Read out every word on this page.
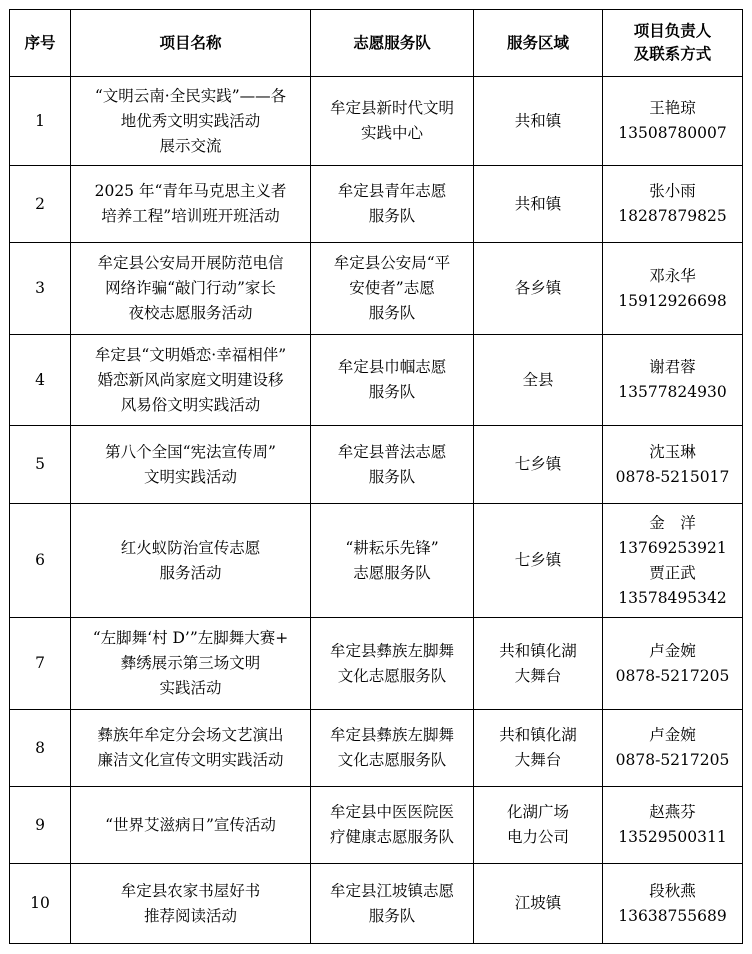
序号	项目名称	志愿服务队	服务区域	项目负责人
及联系方式

1	“文明云南·全民实践”——各
地优秀文明实践活动
展示交流	牟定县新时代文明
实践中心	共和镇	王艳琼
13508780007

2	2025 年“青年马克思主义者
培养工程”培训班开班活动	牟定县青年志愿
服务队	共和镇	张小雨
18287879825

3	牟定县公安局开展防范电信
网络诈骗“敲门行动”家长
夜校志愿服务活动	牟定县公安局“平
安使者”志愿
服务队	各乡镇	邓永华
15912926698

4	牟定县“文明婚恋·幸福相伴”
婚恋新风尚家庭文明建设移
风易俗文明实践活动	牟定县巾帼志愿
服务队	全县	谢君蓉
13577824930

5	第八个全国“宪法宣传周”
文明实践活动	牟定县普法志愿
服务队	七乡镇	沈玉琳
0878-5215017

6	红火蚁防治宣传志愿
服务活动	“耕耘乐先锋”
志愿服务队	七乡镇	金　洋
13769253921
贾正武
13578495342

7	“左脚舞‘村 D’”左脚舞大赛+
彝绣展示第三场文明
实践活动	牟定县彝族左脚舞
文化志愿服务队	共和镇化湖
大舞台	卢金婉
0878-5217205

8	彝族年牟定分会场文艺演出
廉洁文化宣传文明实践活动	牟定县彝族左脚舞
文化志愿服务队	共和镇化湖
大舞台	卢金婉
0878-5217205

9	“世界艾滋病日”宣传活动	牟定县中医医院医
疗健康志愿服务队	化湖广场
电力公司	赵燕芬
13529500311

10	牟定县农家书屋好书
推荐阅读活动	牟定县江坡镇志愿
服务队	江坡镇	段秋燕
13638755689
